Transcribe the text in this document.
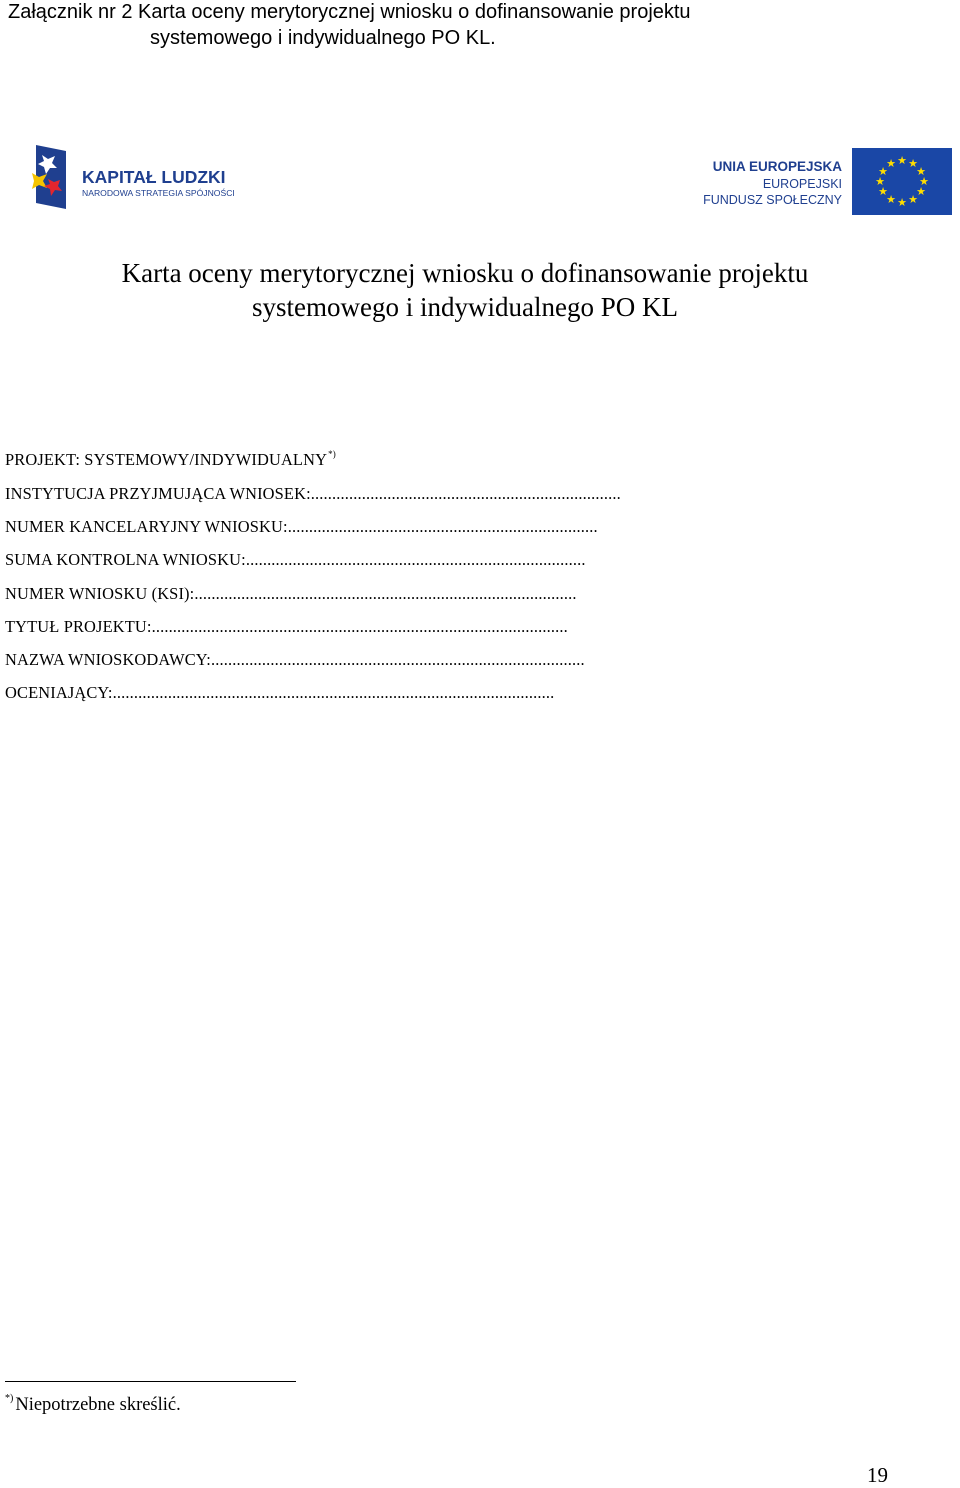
Załącznik nr 2 Karta oceny merytorycznej wniosku o dofinansowanie projektu
systemowego i indywidualnego PO KL.
KAPITAŁ LUDZKI
NARODOWA STRATEGIA SPÓJNOŚCI
UNIA EUROPEJSKA
EUROPEJSKI
FUNDUSZ SPOŁECZNY
★ ★
★
★
★
★
★
★
★
★
★
★
Karta oceny merytorycznej wniosku o dofinansowanie projektu
systemowego i indywidualnego PO KL
PROJEKT: SYSTEMOWY/INDYWIDUALNY*)
INSTYTUCJA PRZYJMUJĄCA WNIOSEK:.........................................................................
NUMER KANCELARYJNY WNIOSKU:.........................................................................
SUMA KONTROLNA WNIOSKU:................................................................................
NUMER WNIOSKU (KSI):..........................................................................................
TYTUŁ PROJEKTU:..................................................................................................
NAZWA WNIOSKODAWCY:........................................................................................
OCENIAJĄCY:........................................................................................................
*) Niepotrzebne skreślić.
19
